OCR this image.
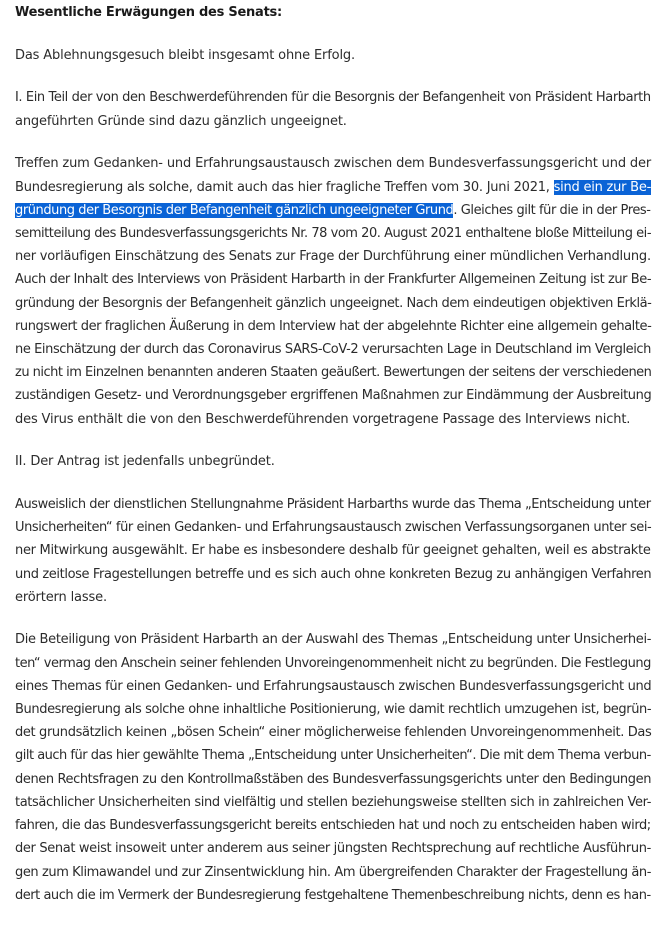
Wesentliche Erwägungen des Senats:

Das Ablehnungsgesuch bleibt insgesamt ohne Erfolg.

I. Ein Teil der von den Beschwerdeführenden für die Besorgnis der Befangenheit von Präsident Harbarth
angeführten Gründe sind dazu gänzlich ungeeignet.

Treffen zum Gedanken- und Erfahrungsaustausch zwischen dem Bundesverfassungsgericht und der
Bundesregierung als solche, damit auch das hier fragliche Treffen vom 30. Juni 2021, sind ein zur Be-
gründung der Besorgnis der Befangenheit gänzlich ungeeigneter Grund. Gleiches gilt für die in der Pres-
semitteilung des Bundesverfassungsgerichts Nr. 78 vom 20. August 2021 enthaltene bloße Mitteilung ei-
ner vorläufigen Einschätzung des Senats zur Frage der Durchführung einer mündlichen Verhandlung.
Auch der Inhalt des Interviews von Präsident Harbarth in der Frankfurter Allgemeinen Zeitung ist zur Be-
gründung der Besorgnis der Befangenheit gänzlich ungeeignet. Nach dem eindeutigen objektiven Erklä-
rungswert der fraglichen Äußerung in dem Interview hat der abgelehnte Richter eine allgemein gehalte-
ne Einschätzung der durch das Coronavirus SARS-CoV-2 verursachten Lage in Deutschland im Vergleich
zu nicht im Einzelnen benannten anderen Staaten geäußert. Bewertungen der seitens der verschiedenen
zuständigen Gesetz- und Verordnungsgeber ergriffenen Maßnahmen zur Eindämmung der Ausbreitung
des Virus enthält die von den Beschwerdeführenden vorgetragene Passage des Interviews nicht.

II. Der Antrag ist jedenfalls unbegründet.

Ausweislich der dienstlichen Stellungnahme Präsident Harbarths wurde das Thema „Entscheidung unter
Unsicherheiten“ für einen Gedanken- und Erfahrungsaustausch zwischen Verfassungsorganen unter sei-
ner Mitwirkung ausgewählt. Er habe es insbesondere deshalb für geeignet gehalten, weil es abstrakte
und zeitlose Fragestellungen betreffe und es sich auch ohne konkreten Bezug zu anhängigen Verfahren
erörtern lasse.

Die Beteiligung von Präsident Harbarth an der Auswahl des Themas „Entscheidung unter Unsicherhei-
ten“ vermag den Anschein seiner fehlenden Unvoreingenommenheit nicht zu begründen. Die Festlegung
eines Themas für einen Gedanken- und Erfahrungsaustausch zwischen Bundesverfassungsgericht und
Bundesregierung als solche ohne inhaltliche Positionierung, wie damit rechtlich umzugehen ist, begrün-
det grundsätzlich keinen „bösen Schein“ einer möglicherweise fehlenden Unvoreingenommenheit. Das
gilt auch für das hier gewählte Thema „Entscheidung unter Unsicherheiten“. Die mit dem Thema verbun-
denen Rechtsfragen zu den Kontrollmaßstäben des Bundesverfassungsgerichts unter den Bedingungen
tatsächlicher Unsicherheiten sind vielfältig und stellen beziehungsweise stellten sich in zahlreichen Ver-
fahren, die das Bundesverfassungsgericht bereits entschieden hat und noch zu entscheiden haben wird;
der Senat weist insoweit unter anderem aus seiner jüngsten Rechtsprechung auf rechtliche Ausführun-
gen zum Klimawandel und zur Zinsentwicklung hin. Am übergreifenden Charakter der Fragestellung än-
dert auch die im Vermerk der Bundesregierung festgehaltene Themenbeschreibung nichts, denn es han-
